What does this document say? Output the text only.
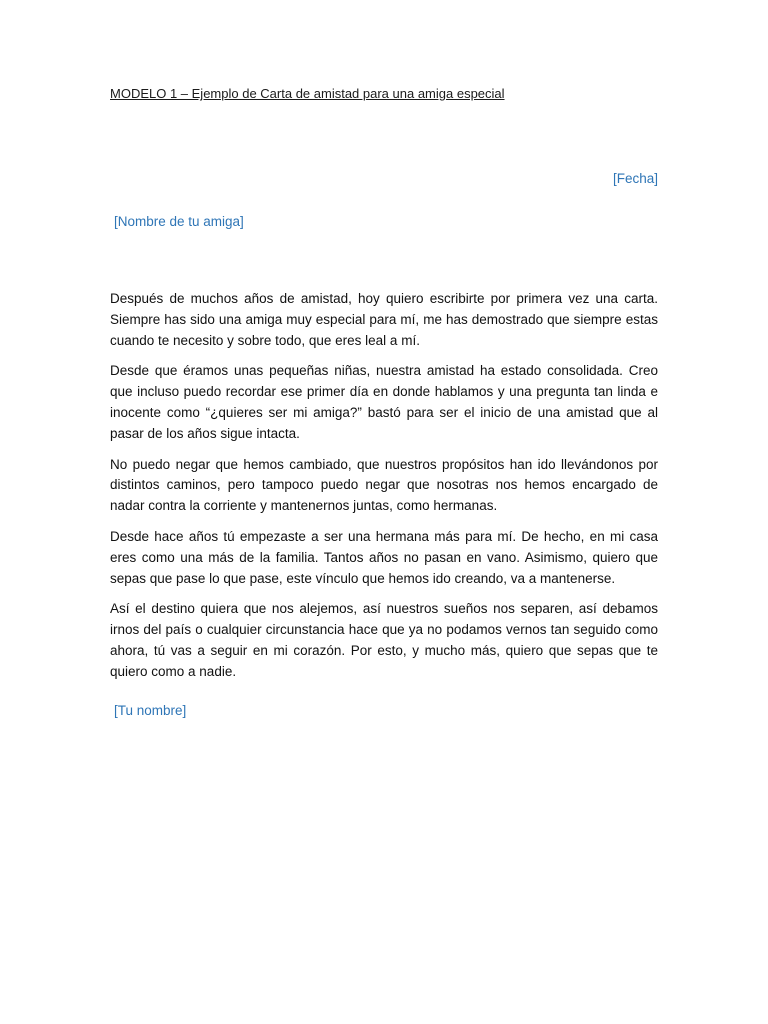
MODELO 1 – Ejemplo de Carta de amistad para una amiga especial
[Fecha]
[Nombre de tu amiga]

Después de muchos años de amistad, hoy quiero escribirte por primera vez una carta. Siempre has sido una amiga muy especial para mí, me has demostrado que siempre estas cuando te necesito y sobre todo, que eres leal a mí.

Desde que éramos unas pequeñas niñas, nuestra amistad ha estado consolidada. Creo que incluso puedo recordar ese primer día en donde hablamos y una pregunta tan linda e inocente como “¿quieres ser mi amiga?” bastó para ser el inicio de una amistad que al pasar de los años sigue intacta.

No puedo negar que hemos cambiado, que nuestros propósitos han ido llevándonos por distintos caminos, pero tampoco puedo negar que nosotras nos hemos encargado de nadar contra la corriente y mantenernos juntas, como hermanas.

Desde hace años tú empezaste a ser una hermana más para mí. De hecho, en mi casa eres como una más de la familia. Tantos años no pasan en vano. Asimismo, quiero que sepas que pase lo que pase, este vínculo que hemos ido creando, va a mantenerse.

Así el destino quiera que nos alejemos, así nuestros sueños nos separen, así debamos irnos del país o cualquier circunstancia hace que ya no podamos vernos tan seguido como ahora, tú vas a seguir en mi corazón. Por esto, y mucho más, quiero que sepas que te quiero como a nadie.

[Tu nombre]
